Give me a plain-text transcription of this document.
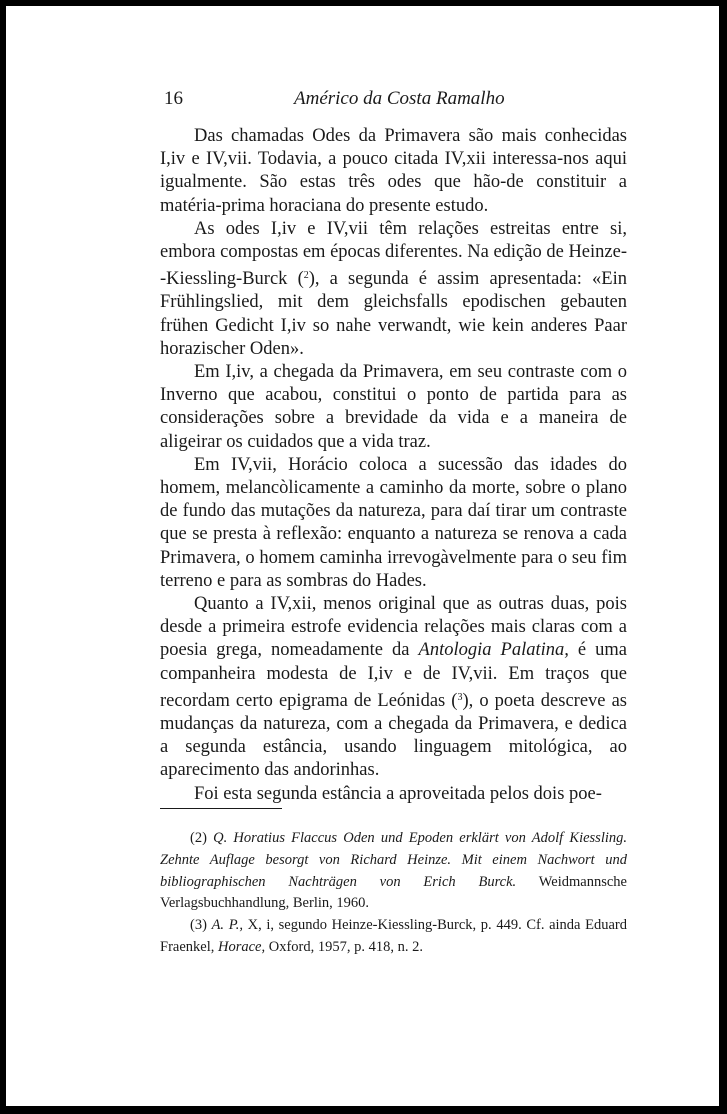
16	Américo da Costa Ramalho

Das chamadas Odes da Primavera são mais conhecidas I,iv e IV,vii. Todavia, a pouco citada IV,xii interessa-nos aqui igualmente. São estas três odes que hão-de constituir a matéria-prima horaciana do presente estudo.

As odes I,iv e IV,vii têm relações estreitas entre si, embora compostas em épocas diferentes. Na edição de Heinze--Kiessling-Burck ($^2$), a segunda é assim apresentada: «Ein Frühlingslied, mit dem gleichsfalls epodischen gebauten frühen Gedicht I,iv so nahe verwandt, wie kein anderes Paar horazischer Oden».

Em I,iv, a chegada da Primavera, em seu contraste com o Inverno que acabou, constitui o ponto de partida para as considerações sobre a brevidade da vida e a maneira de aligeirar os cuidados que a vida traz.

Em IV,vii, Horácio coloca a sucessão das idades do homem, melancòlicamente a caminho da morte, sobre o plano de fundo das mutações da natureza, para daí tirar um contraste que se presta à reflexão: enquanto a natureza se renova a cada Primavera, o homem caminha irrevogàvelmente para o seu fim terreno e para as sombras do Hades.

Quanto a IV,xii, menos original que as outras duas, pois desde a primeira estrofe evidencia relações mais claras com a poesia grega, nomeadamente da Antologia Palatina, é uma companheira modesta de I,iv e de IV,vii. Em traços que recordam certo epigrama de Leónidas ($^3$), o poeta descreve as mudanças da natureza, com a chegada da Primavera, e dedica a segunda estância, usando linguagem mitológica, ao aparecimento das andorinhas.

Foi esta segunda estância a aproveitada pelos dois poe-

(2) Q. Horatius Flaccus Oden und Epoden erklärt von Adolf Kiessling. Zehnte Auflage besorgt von Richard Heinze. Mit einem Nachwort und bibliographischen Nachträgen von Erich Burck. Weidmannsche Verlagsbuchhandlung, Berlin, 1960.

(3) A. P., X, i, segundo Heinze-Kiessling-Burck, p. 449. Cf. ainda Eduard Fraenkel, Horace, Oxford, 1957, p. 418, n. 2.
